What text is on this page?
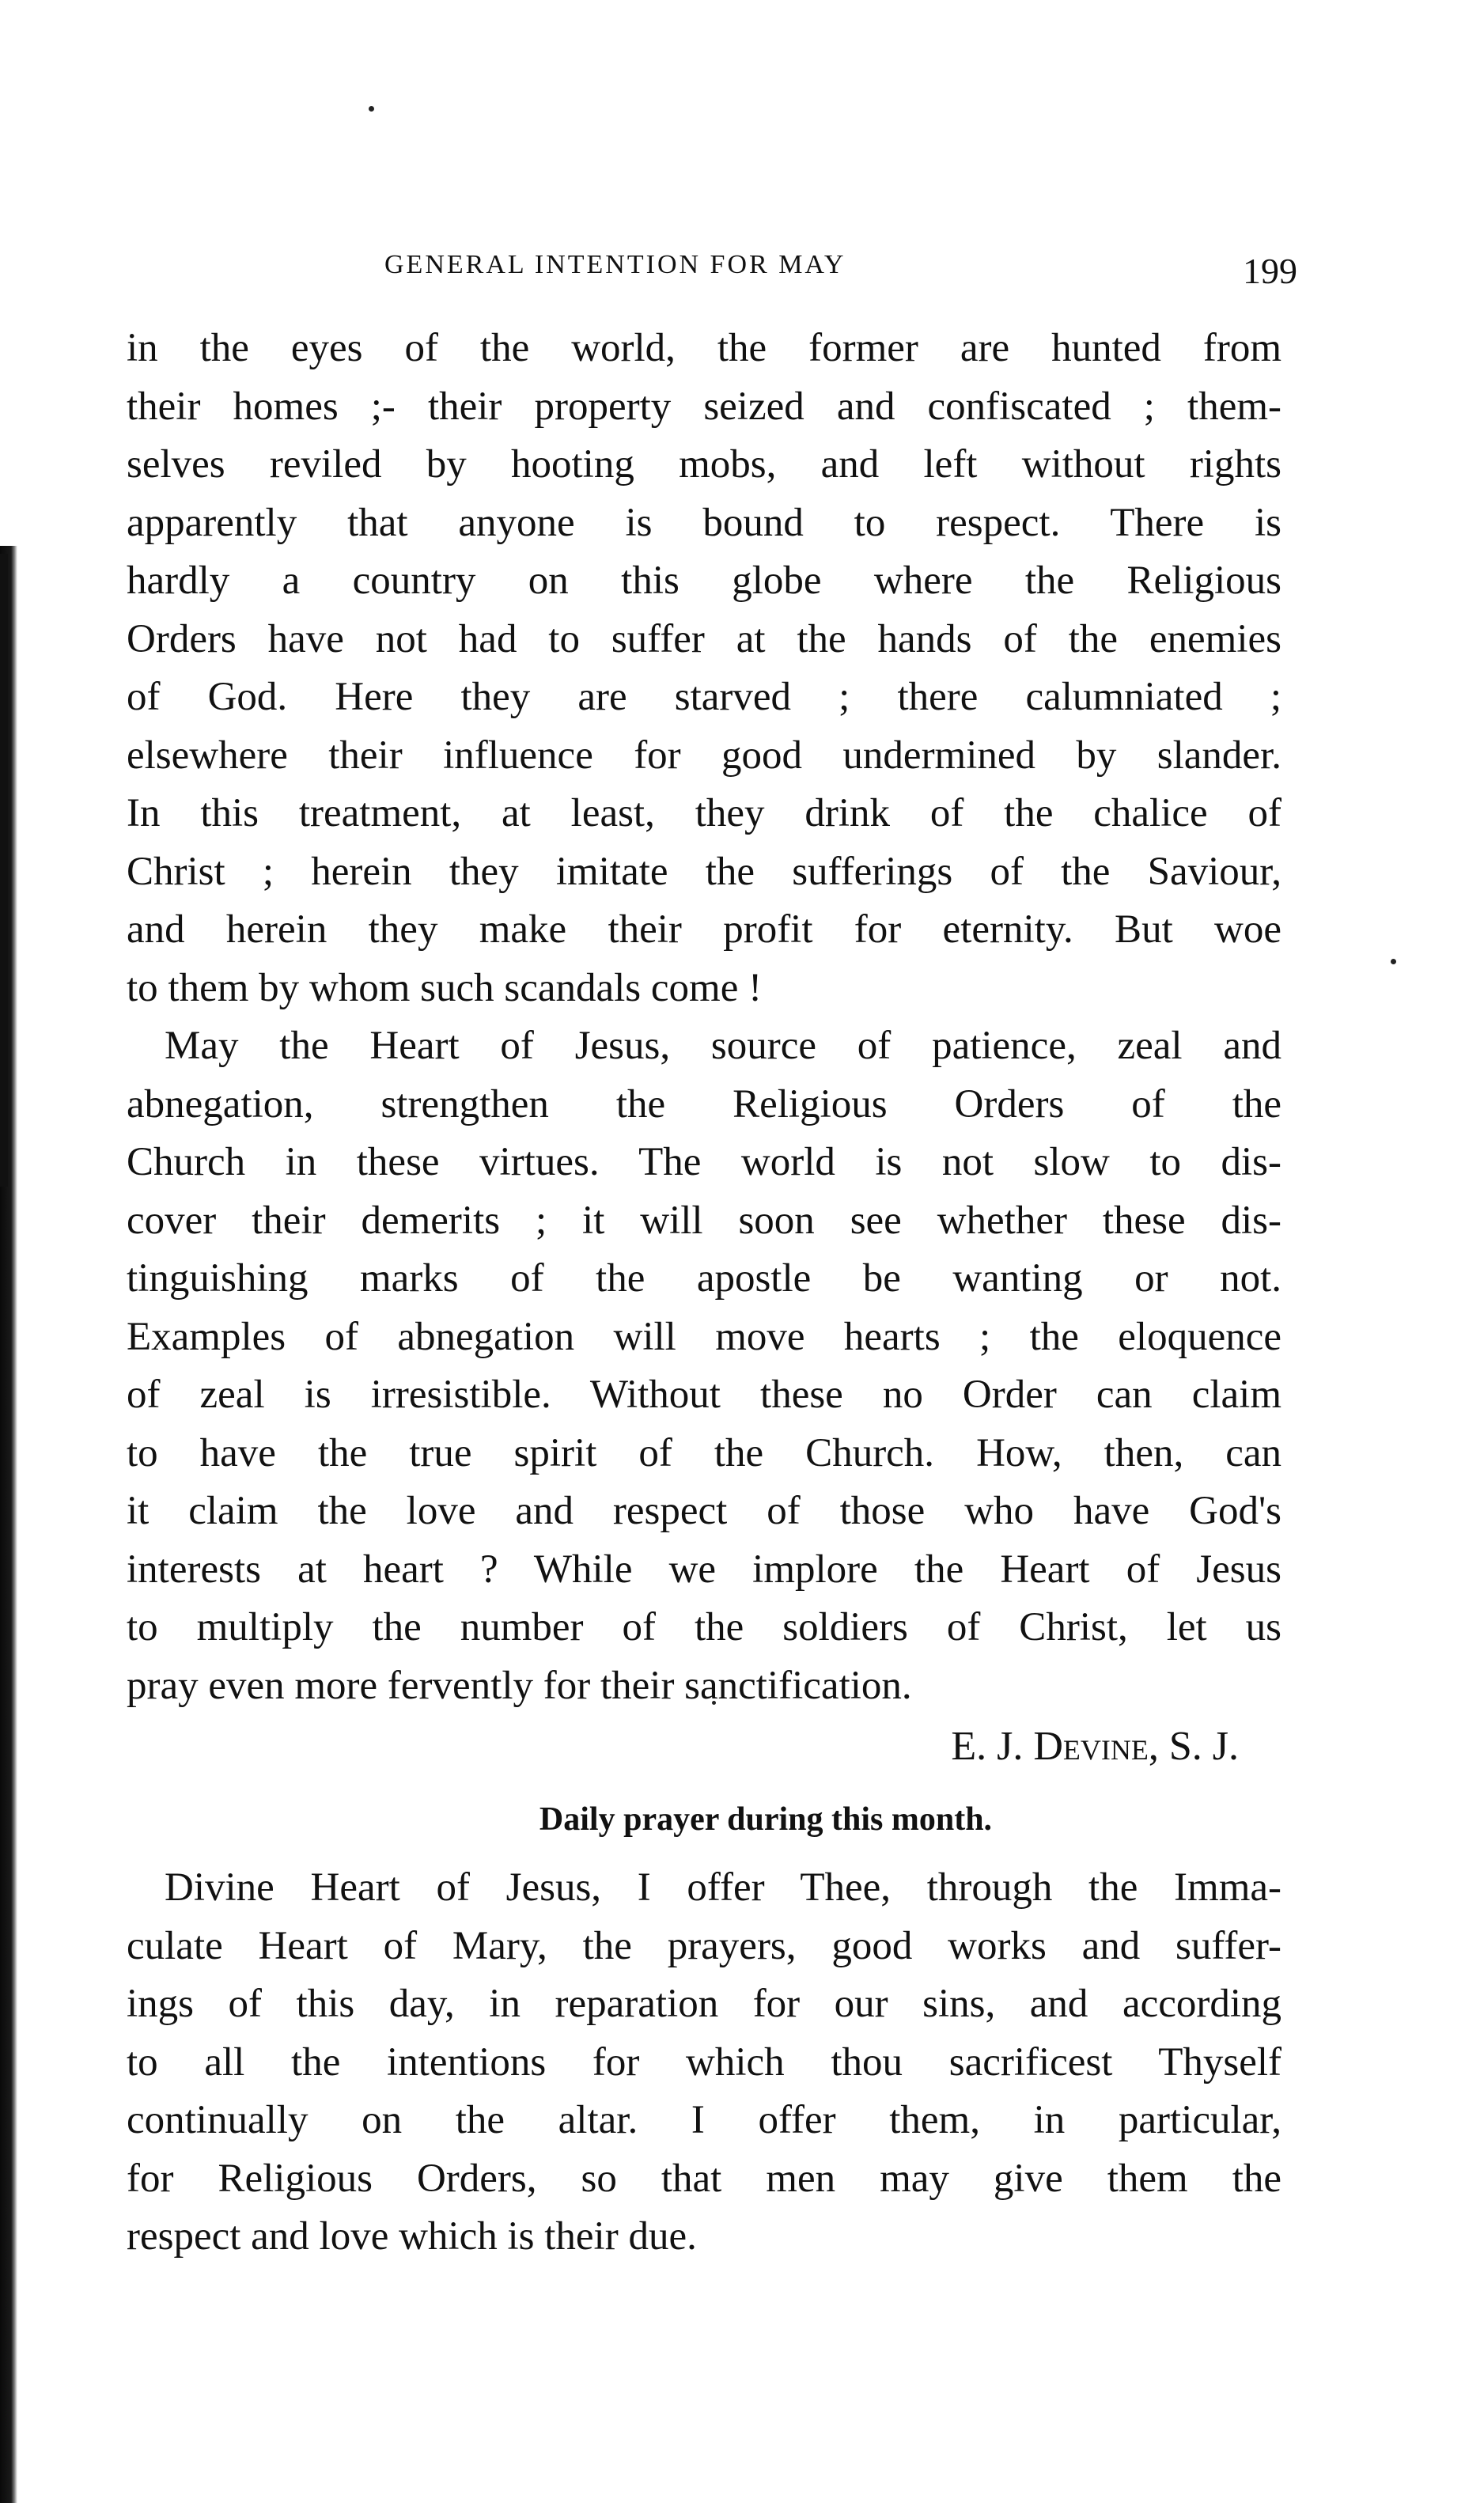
GENERAL INTENTION FOR MAY	199
in the eyes of the world, the former are hunted from
their homes ;- their property seized and confiscated ; them-
selves reviled by hooting mobs, and left without rights
apparently that anyone is bound to respect. There is
hardly a country on this globe where the Religious
Orders have not had to suffer at the hands of the enemies
of God. Here they are starved ; there calumniated ;
elsewhere their influence for good undermined by slander.
In this treatment, at least, they drink of the chalice of
Christ ; herein they imitate the sufferings of the Saviour,
and herein they make their profit for eternity. But woe
to them by whom such scandals come !
May the Heart of Jesus, source of patience, zeal and
abnegation, strengthen the Religious Orders of the
Church in these virtues. The world is not slow to dis-
cover their demerits ; it will soon see whether these dis-
tinguishing marks of the apostle be wanting or not.
Examples of abnegation will move hearts ; the eloquence
of zeal is irresistible. Without these no Order can claim
to have the true spirit of the Church. How, then, can
it claim the love and respect of those who have God's
interests at heart ? While we implore the Heart of Jesus
to multiply the number of the soldiers of Christ, let us
pray even more fervently for their sanctification.
E. J. Devine, S. J.
Daily prayer during this month.
Divine Heart of Jesus, I offer Thee, through the Imma-
culate Heart of Mary, the prayers, good works and suffer-
ings of this day, in reparation for our sins, and according
to all the intentions for which thou sacrificest Thyself
continually on the altar. I offer them, in particular,
for Religious Orders, so that men may give them the
respect and love which is their due.
